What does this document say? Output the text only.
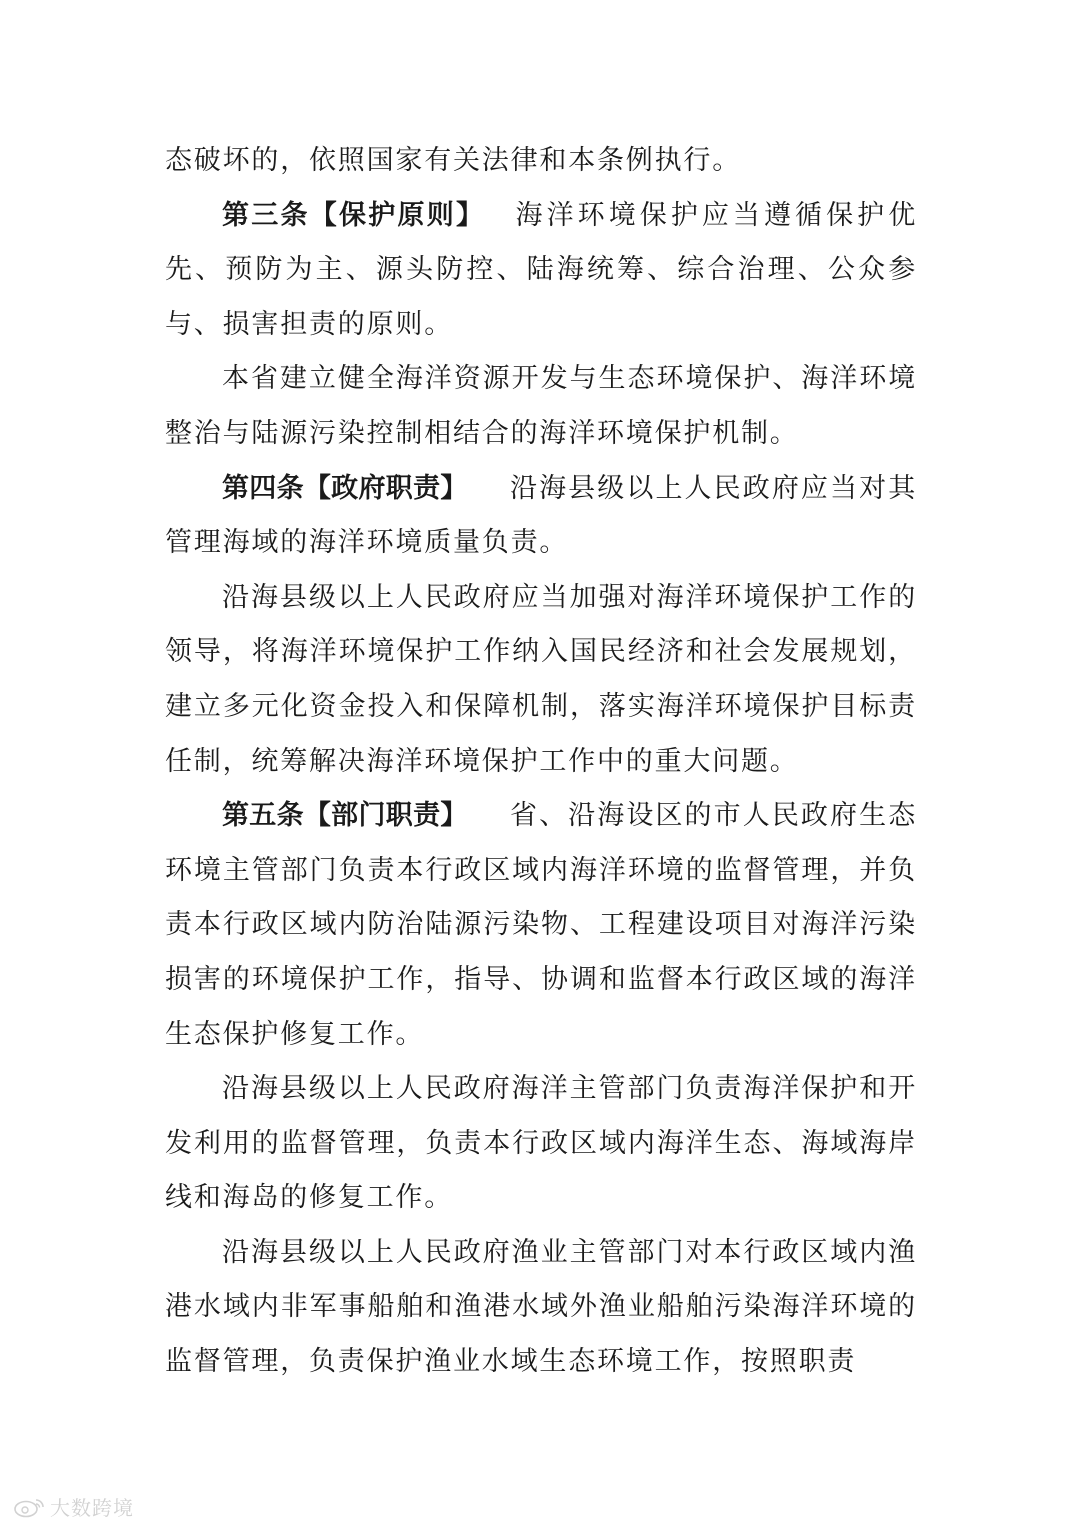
态破坏的，依照国家有关法律和本条例执行。

第三条【保护原则】 海洋环境保护应当遵循保护优先、预防为主、源头防控、陆海统筹、综合治理、公众参与、损害担责的原则。

本省建立健全海洋资源开发与生态环境保护、海洋环境整治与陆源污染控制相结合的海洋环境保护机制。

第四条【政府职责】 沿海县级以上人民政府应当对其管理海域的海洋环境质量负责。

沿海县级以上人民政府应当加强对海洋环境保护工作的领导，将海洋环境保护工作纳入国民经济和社会发展规划，建立多元化资金投入和保障机制，落实海洋环境保护目标责任制，统筹解决海洋环境保护工作中的重大问题。

第五条【部门职责】 省、沿海设区的市人民政府生态环境主管部门负责本行政区域内海洋环境的监督管理，并负责本行政区域内防治陆源污染物、工程建设项目对海洋污染损害的环境保护工作，指导、协调和监督本行政区域的海洋生态保护修复工作。

沿海县级以上人民政府海洋主管部门负责海洋保护和开发利用的监督管理，负责本行政区域内海洋生态、海域海岸线和海岛的修复工作。

沿海县级以上人民政府渔业主管部门对本行政区域内渔港水域内非军事船舶和渔港水域外渔业船舶污染海洋环境的监督管理，负责保护渔业水域生态环境工作，按照职责

大数跨境
